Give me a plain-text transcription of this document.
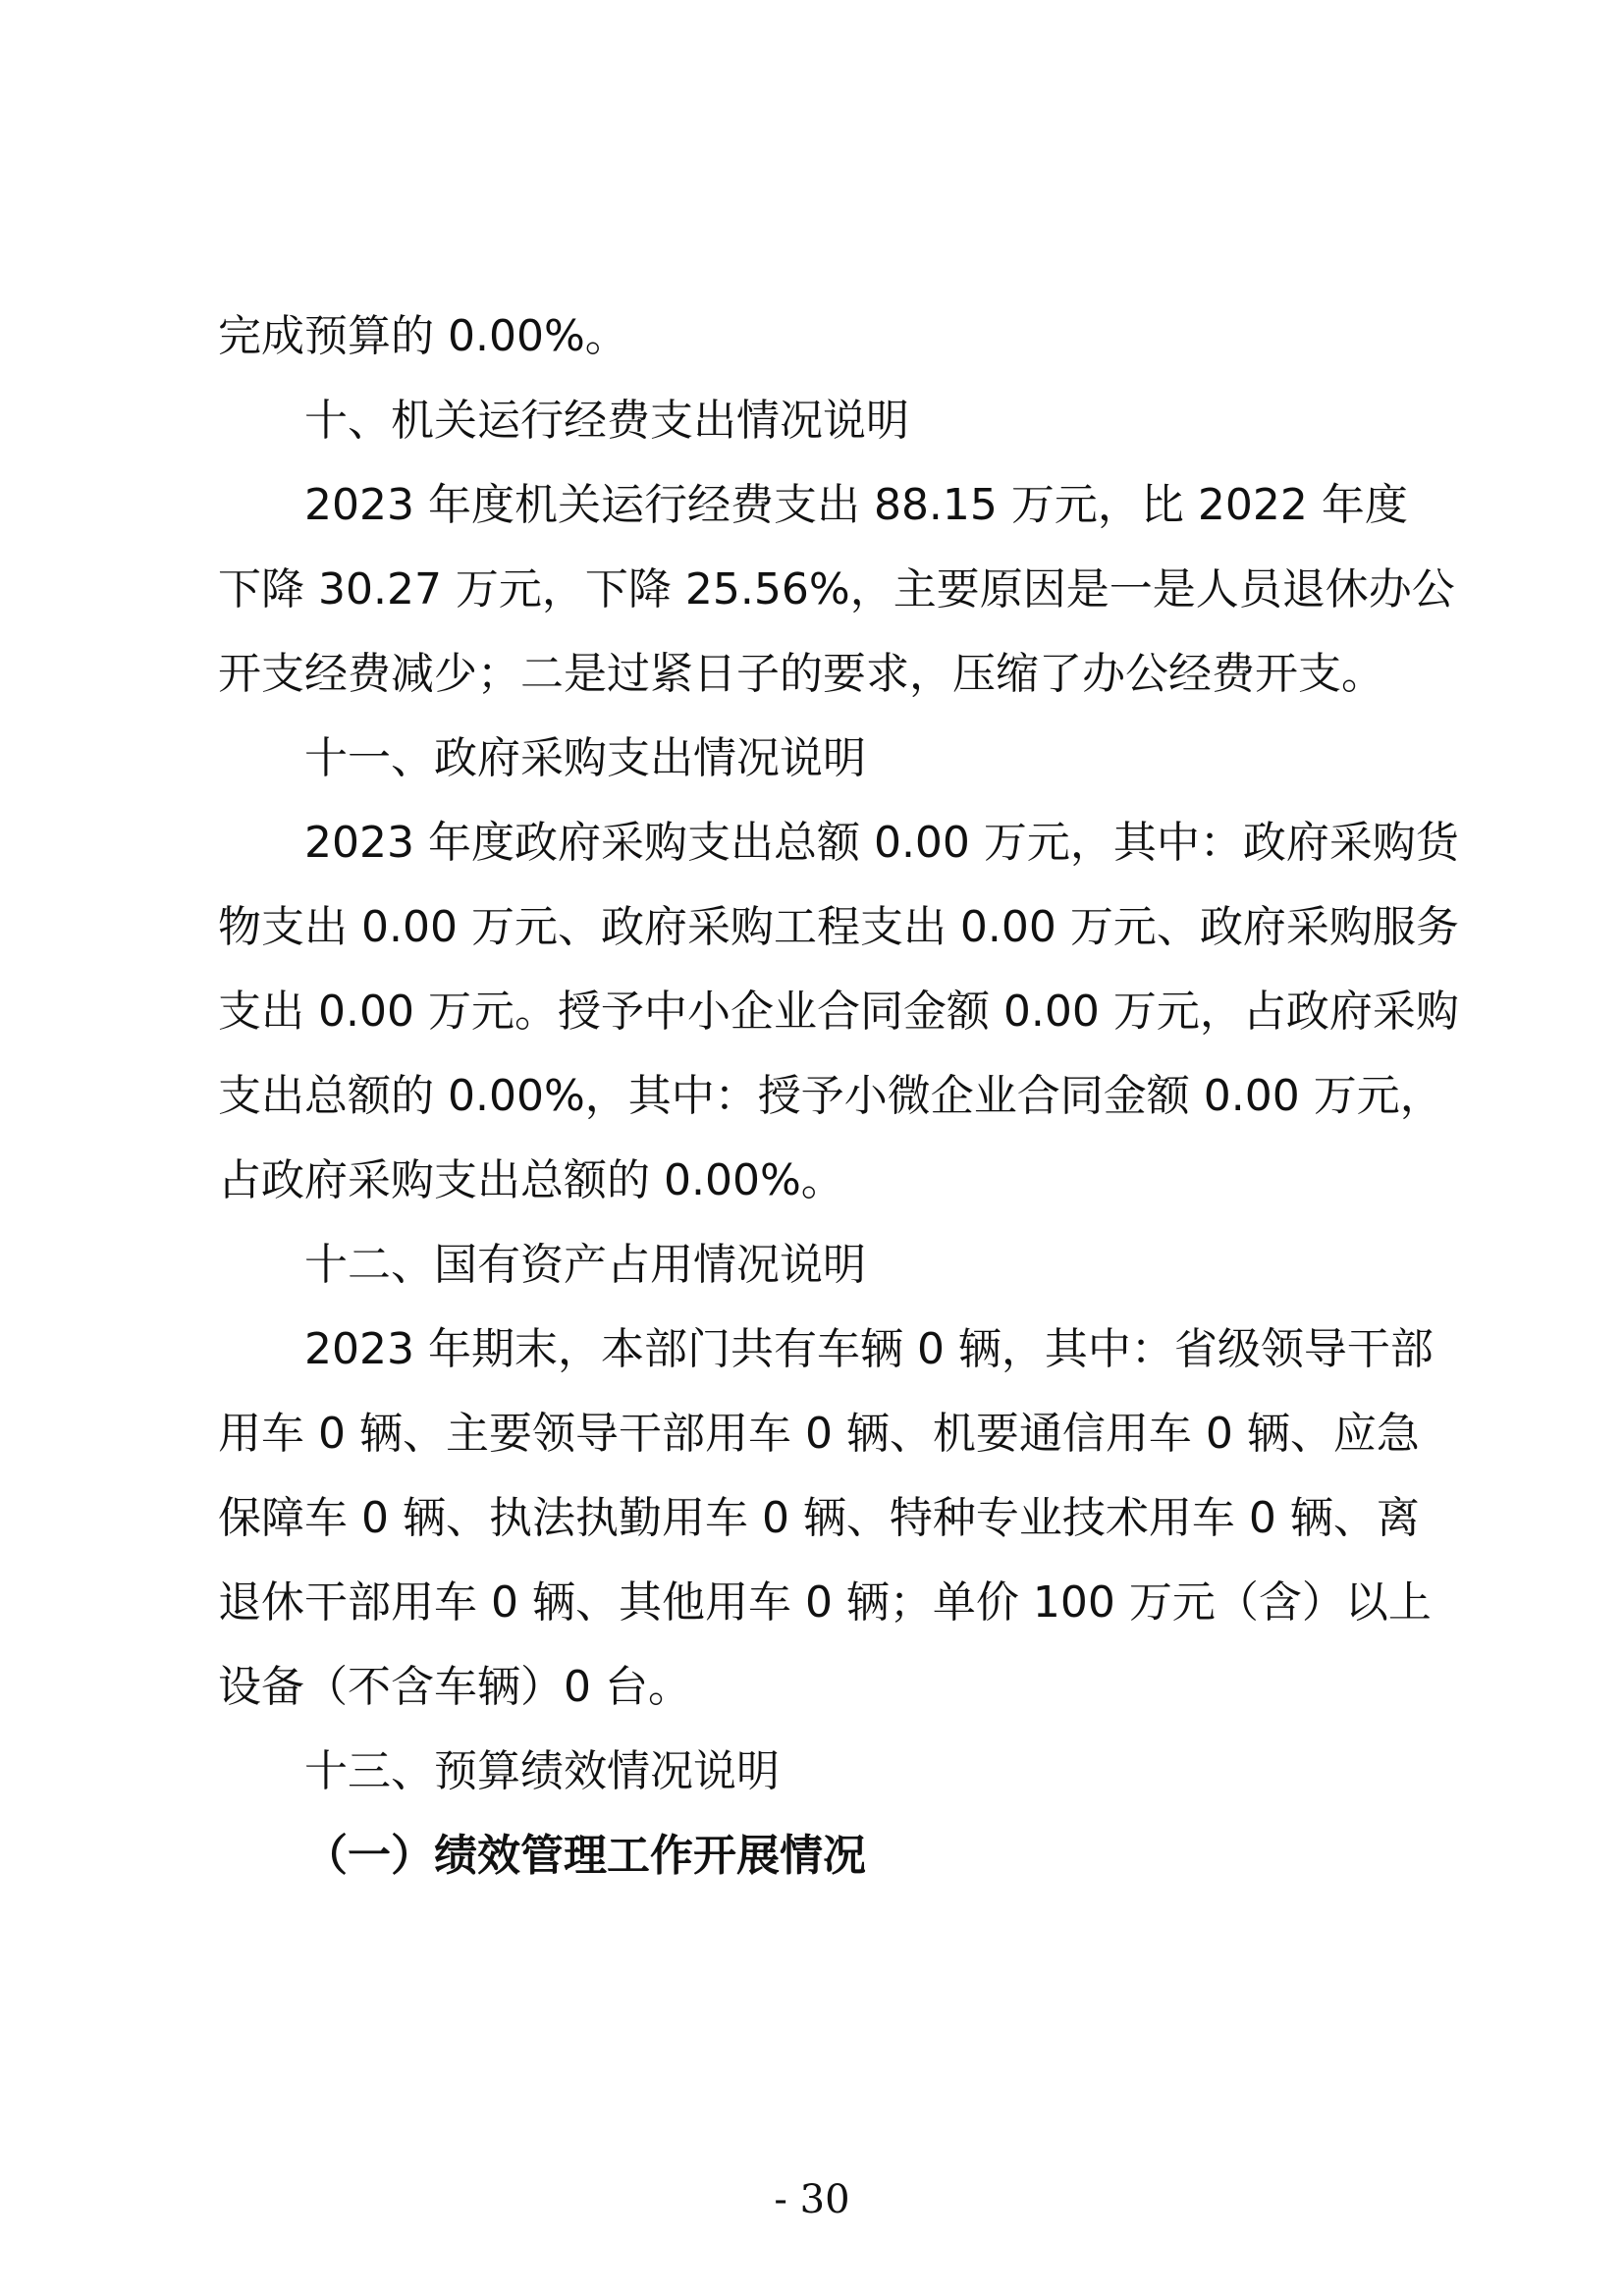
完成预算的 0.00%。
十、机关运行经费支出情况说明
2023 年度机关运行经费支出 88.15 万元，比 2022 年度
下降 30.27 万元，下降 25.56%，主要原因是一是人员退休办公
开支经费减少；二是过紧日子的要求，压缩了办公经费开支。
十一、政府采购支出情况说明
2023 年度政府采购支出总额 0.00 万元，其中：政府采购货
物支出 0.00 万元、政府采购工程支出 0.00 万元、政府采购服务
支出 0.00 万元。授予中小企业合同金额 0.00 万元，占政府采购
支出总额的 0.00%，其中：授予小微企业合同金额 0.00 万元，
占政府采购支出总额的 0.00%。
十二、国有资产占用情况说明
2023 年期末，本部门共有车辆 0 辆，其中：省级领导干部
用车 0 辆、主要领导干部用车 0 辆、机要通信用车 0 辆、应急
保障车 0 辆、执法执勤用车 0 辆、特种专业技术用车 0 辆、离
退休干部用车 0 辆、其他用车 0 辆；单价 100 万元（含）以上
设备（不含车辆）0 台。
十三、预算绩效情况说明
（一）绩效管理工作开展情况
- 30
